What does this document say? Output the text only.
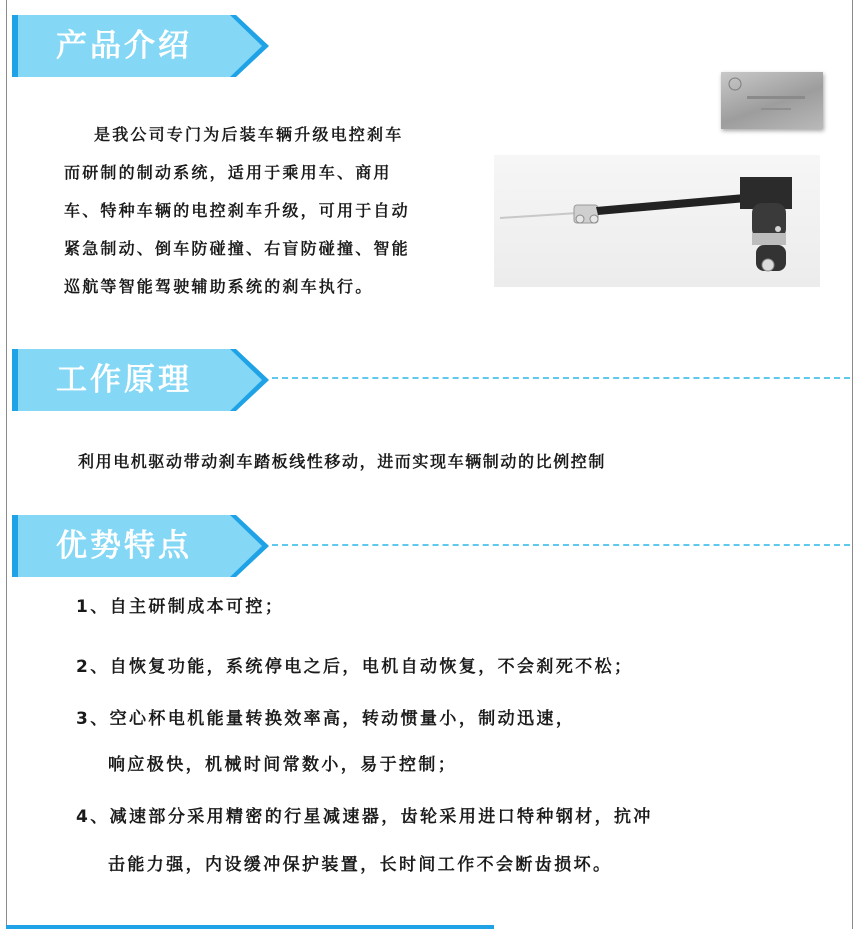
产品介绍
是我公司专门为后装车辆升级电控刹车
而研制的制动系统，适用于乘用车、商用
车、特种车辆的电控刹车升级，可用于自动
紧急制动、倒车防碰撞、右盲防碰撞、智能
巡航等智能驾驶辅助系统的刹车执行。
工作原理
利用电机驱动带动刹车踏板线性移动，进而实现车辆制动的比例控制
优势特点
1、自主研制成本可控；
2、自恢复功能，系统停电之后，电机自动恢复，不会刹死不松；
3、空心杯电机能量转换效率高，转动惯量小，制动迅速，
响应极快，机械时间常数小，易于控制；
4、减速部分采用精密的行星减速器，齿轮采用进口特种钢材，抗冲
击能力强，内设缓冲保护装置，长时间工作不会断齿损坏。
